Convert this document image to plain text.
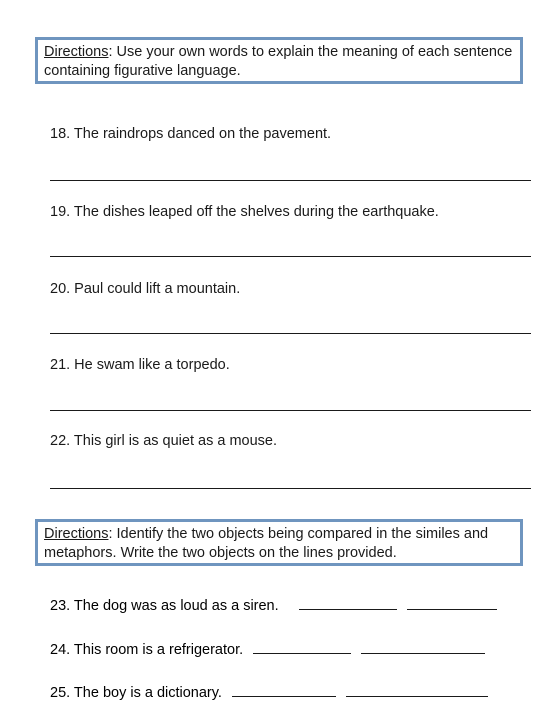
Directions: Use your own words to explain the meaning of each sentence containing figurative language.
18. The raindrops danced on the pavement.
19. The dishes leaped off the shelves during the earthquake.
20. Paul could lift a mountain.
21. He swam like a torpedo.
22. This girl is as quiet as a mouse.
Directions: Identify the two objects being compared in the similes and metaphors. Write the two objects on the lines provided.
23. The dog was as loud as a siren.
24. This room is a refrigerator.
25. The boy is a dictionary.
